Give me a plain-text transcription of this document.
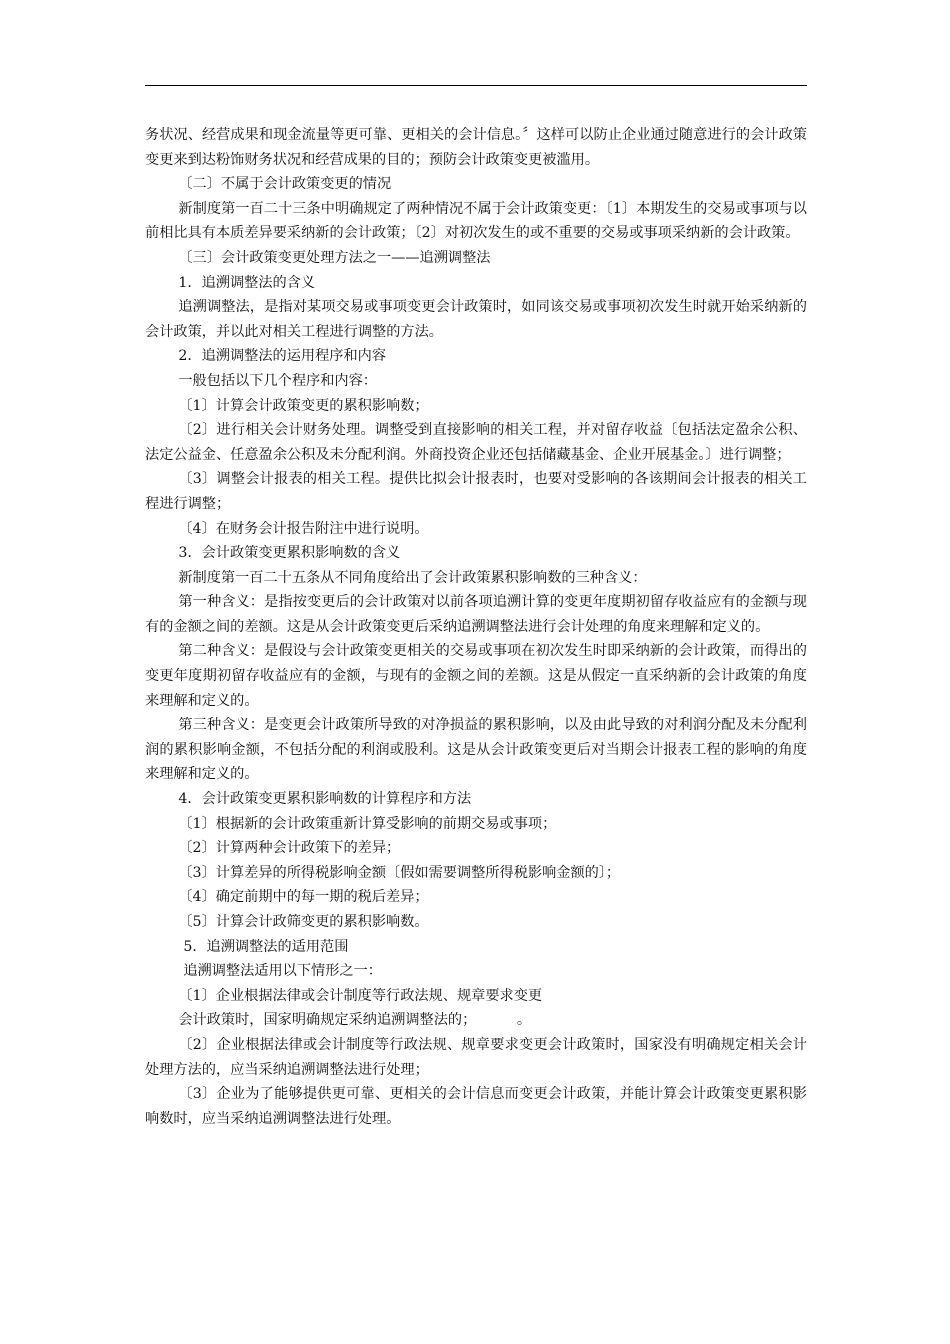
务状况、经营成果和现金流量等更可靠、更相关的会计信息。〞这样可以防止企业通过随意进行的会计政策变更来到达粉饰财务状况和经营成果的目的；预防会计政策变更被滥用。

〔二〕不属于会计政策变更的情况

新制度第一百二十三条中明确规定了两种情况不属于会计政策变更：〔1〕本期发生的交易或事项与以前相比具有本质差异要采纳新的会计政策；〔2〕对初次发生的或不重要的交易或事项采纳新的会计政策。

〔三〕会计政策变更处理方法之一——追溯调整法

1．追溯调整法的含义

追溯调整法，是指对某项交易或事项变更会计政策时，如同该交易或事项初次发生时就开始采纳新的会计政策，并以此对相关工程进行调整的方法。

2．追溯调整法的运用程序和内容

一般包括以下几个程序和内容：

〔1〕计算会计政策变更的累积影响数；

〔2〕进行相关会计财务处理。调整受到直接影响的相关工程，并对留存收益〔包括法定盈余公积、法定公益金、任意盈余公积及未分配利润。外商投资企业还包括储藏基金、企业开展基金。〕进行调整；

〔3〕调整会计报表的相关工程。提供比拟会计报表时，也要对受影响的各该期间会计报表的相关工程进行调整；

〔4〕在财务会计报告附注中进行说明。

3．会计政策变更累积影响数的含义

新制度第一百二十五条从不同角度给出了会计政策累积影响数的三种含义：

第一种含义：是指按变更后的会计政策对以前各项追溯计算的变更年度期初留存收益应有的金额与现有的金额之间的差额。这是从会计政策变更后采纳追溯调整法进行会计处理的角度来理解和定义的。

第二种含义：是假设与会计政策变更相关的交易或事项在初次发生时即采纳新的会计政策，而得出的变更年度期初留存收益应有的金额，与现有的金额之间的差额。这是从假定一直采纳新的会计政策的角度来理解和定义的。

第三种含义：是变更会计政策所导致的对净损益的累积影响，以及由此导致的对利润分配及未分配利润的累积影响金额，不包括分配的利润或股利。这是从会计政策变更后对当期会计报表工程的影响的角度来理解和定义的。

4．会计政策变更累积影响数的计算程序和方法

〔1〕根据新的会计政策重新计算受影响的前期交易或事项；

〔2〕计算两种会计政策下的差异；

〔3〕计算差异的所得税影响金额〔假如需要调整所得税影响金额的〕；

〔4〕确定前期中的每一期的税后差异；

〔5〕计算会计政筛变更的累积影响数。

5．追溯调整法的适用范围

追溯调整法适用以下情形之一：

〔1〕企业根据法律或会计制度等行政法规、规章要求变更

会计政策时，国家明确规定采纳追溯调整法的；         。

〔2〕企业根据法律或会计制度等行政法规、规章要求变更会计政策时，国家没有明确规定相关会计处理方法的，应当采纳追溯调整法进行处理；

〔3〕企业为了能够提供更可靠、更相关的会计信息而变更会计政策，并能计算会计政策变更累积影响数时，应当采纳追溯调整法进行处理。
